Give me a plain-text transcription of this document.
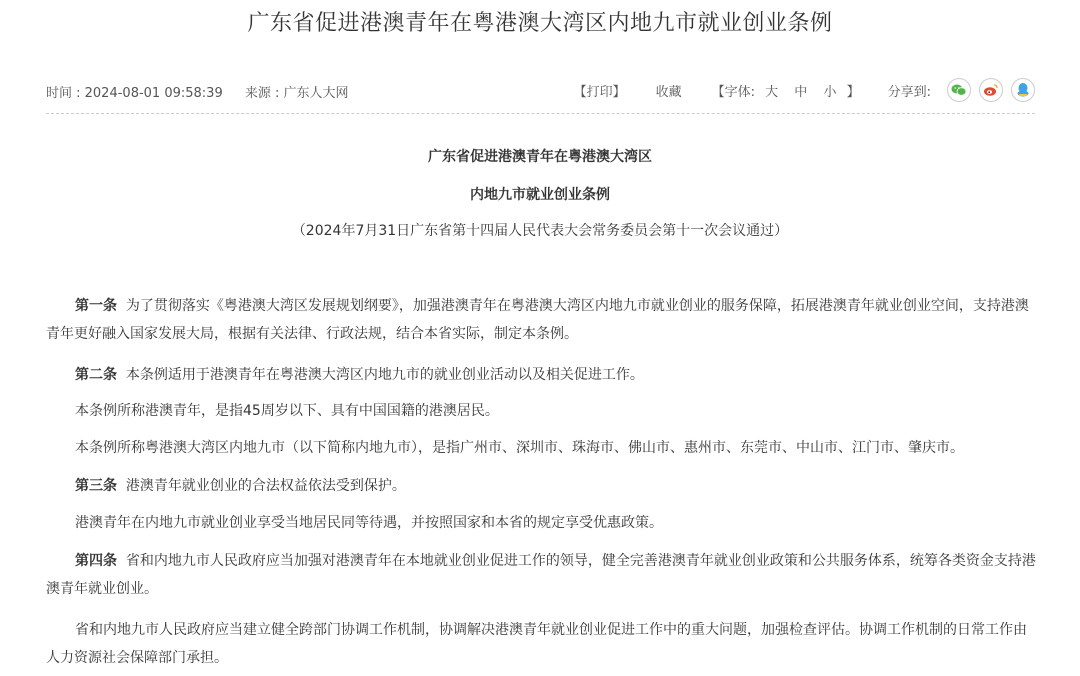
广东省促进港澳青年在粤港澳大湾区内地九市就业创业条例
时间 : 2024-08-01 09:58:39 来源 : 广东人大网	【打印】 收藏 【字体: 大 中 小 】 分享到:
广东省促进港澳青年在粤港澳大湾区
内地九市就业创业条例
（2024年7月31日广东省第十四届人民代表大会常务委员会第十一次会议通过）
第一条 为了贯彻落实《粤港澳大湾区发展规划纲要》，加强港澳青年在粤港澳大湾区内地九市就业创业的服务保障，拓展港澳青年就业创业空间，支持港澳青年更好融入国家发展大局，根据有关法律、行政法规，结合本省实际，制定本条例。
第二条 本条例适用于港澳青年在粤港澳大湾区内地九市的就业创业活动以及相关促进工作。
本条例所称港澳青年，是指45周岁以下、具有中国国籍的港澳居民。
本条例所称粤港澳大湾区内地九市（以下简称内地九市），是指广州市、深圳市、珠海市、佛山市、惠州市、东莞市、中山市、江门市、肇庆市。
第三条 港澳青年就业创业的合法权益依法受到保护。
港澳青年在内地九市就业创业享受当地居民同等待遇，并按照国家和本省的规定享受优惠政策。
第四条 省和内地九市人民政府应当加强对港澳青年在本地就业创业促进工作的领导，健全完善港澳青年就业创业政策和公共服务体系，统筹各类资金支持港澳青年就业创业。
省和内地九市人民政府应当建立健全跨部门协调工作机制，协调解决港澳青年就业创业促进工作中的重大问题，加强检查评估。协调工作机制的日常工作由人力资源社会保障部门承担。
